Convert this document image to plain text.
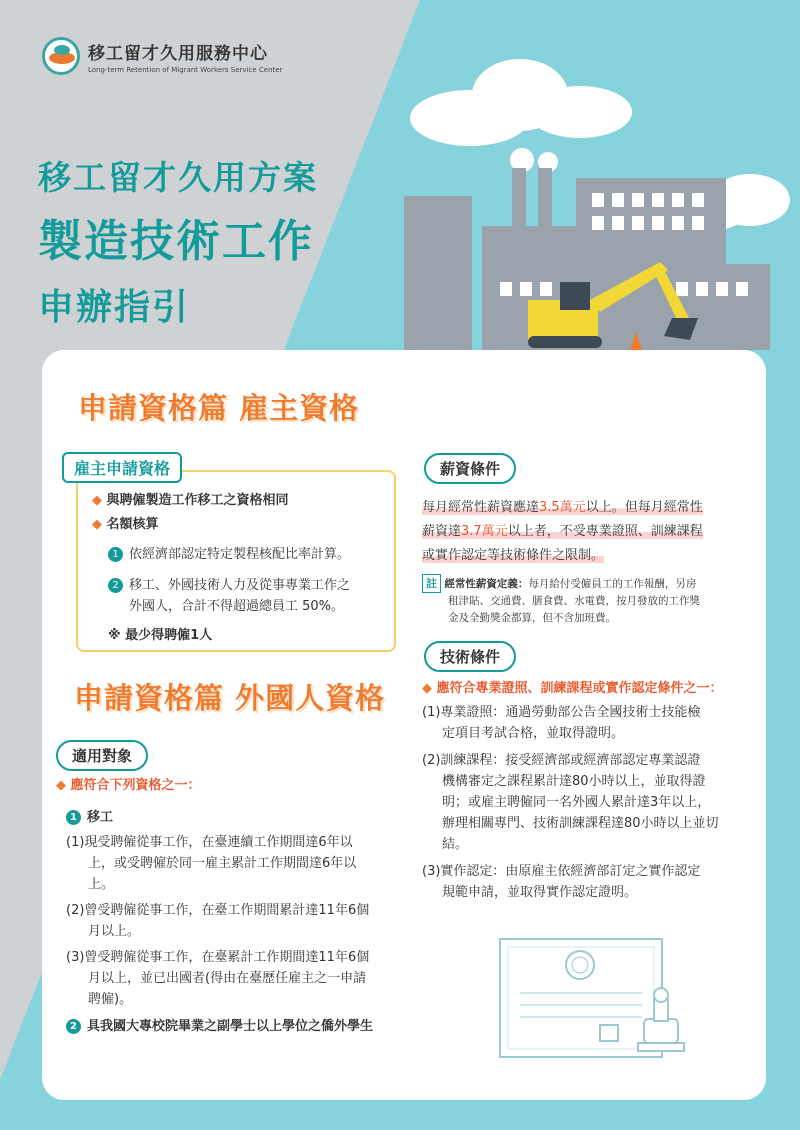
移工留才久用服務中心
Long-term Retention of Migrant Workers Service Center
移工留才久用方案
製造技術工作
申辦指引
申請資格篇 雇主資格
雇主申請資格
◆ 與聘僱製造工作移工之資格相同
◆ 名額核算
1 依經濟部認定特定製程核配比率計算。
2 移工、外國技術人力及從事專業工作之
外國人，合計不得超過總員工 50%。
※ 最少得聘僱1人
薪資條件
每月經常性薪資應達3.5萬元以上。但每月經常性
薪資達3.7萬元以上者，不受專業證照、訓練課程
或實作認定等技術條件之限制。
註 經常性薪資定義：每月給付受僱員工的工作報酬，另房
租津貼、交通費、膳食費、水電費，按月發放的工作獎
金及全勤獎金都算，但不含加班費。
技術條件
◆ 應符合專業證照、訓練課程或實作認定條件之一：
(1)專業證照：通過勞動部公告全國技術士技能檢
定項目考試合格，並取得證明。
(2)訓練課程：接受經濟部或經濟部認定專業認證
機構審定之課程累計達80小時以上，並取得證
明；或雇主聘僱同一名外國人累計達3年以上，
辦理相關專門、技術訓練課程達80小時以上並切
結。
(3)實作認定：由原雇主依經濟部訂定之實作認定
規範申請，並取得實作認定證明。
申請資格篇 外國人資格
適用對象
◆ 應符合下列資格之一：
1 移工
(1)現受聘僱從事工作，在臺連續工作期間達6年以
上，或受聘僱於同一雇主累計工作期間達6年以
上。
(2)曾受聘僱從事工作，在臺工作期間累計達11年6個
月以上。
(3)曾受聘僱從事工作，在臺累計工作期間達11年6個
月以上，並已出國者(得由在臺歷任雇主之一申請
聘僱)。
2 具我國大專校院畢業之副學士以上學位之僑外學生
